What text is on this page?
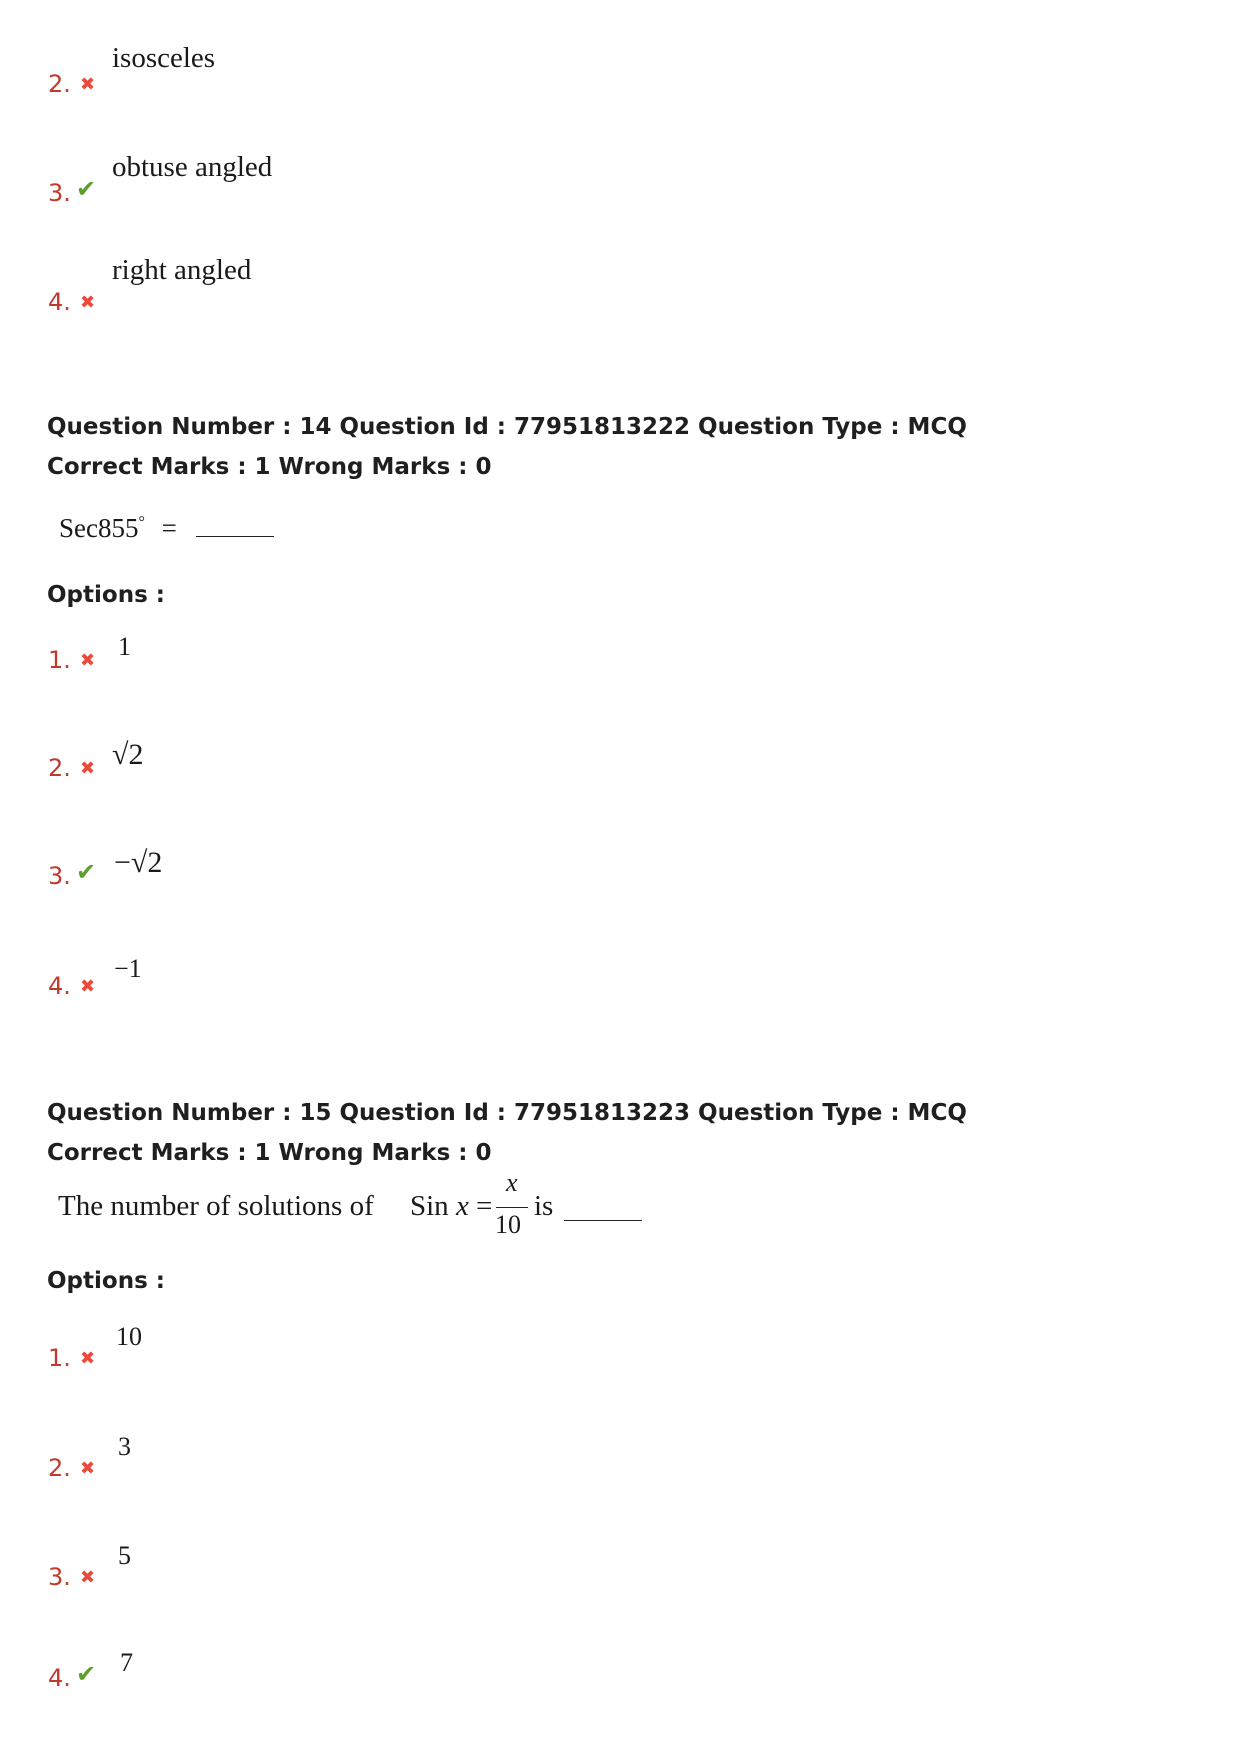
2. ✖
isosceles
3. ✔
obtuse angled
4. ✖
right angled
Question Number : 14 Question Id : 77951813222 Question Type : MCQ
Correct Marks : 1 Wrong Marks : 0
Sec855° =
Options :
1. ✖ 1
2. ✖ √2
3. ✔ −√2
4. ✖
−1
Question Number : 15 Question Id : 77951813223 Question Type : MCQ
Correct Marks : 1 Wrong Marks : 0
The number of solutions of Sin x =
x
10
is
Options :
1. ✖
10
2. ✖
3
3. ✖
5
4. ✔ 7
